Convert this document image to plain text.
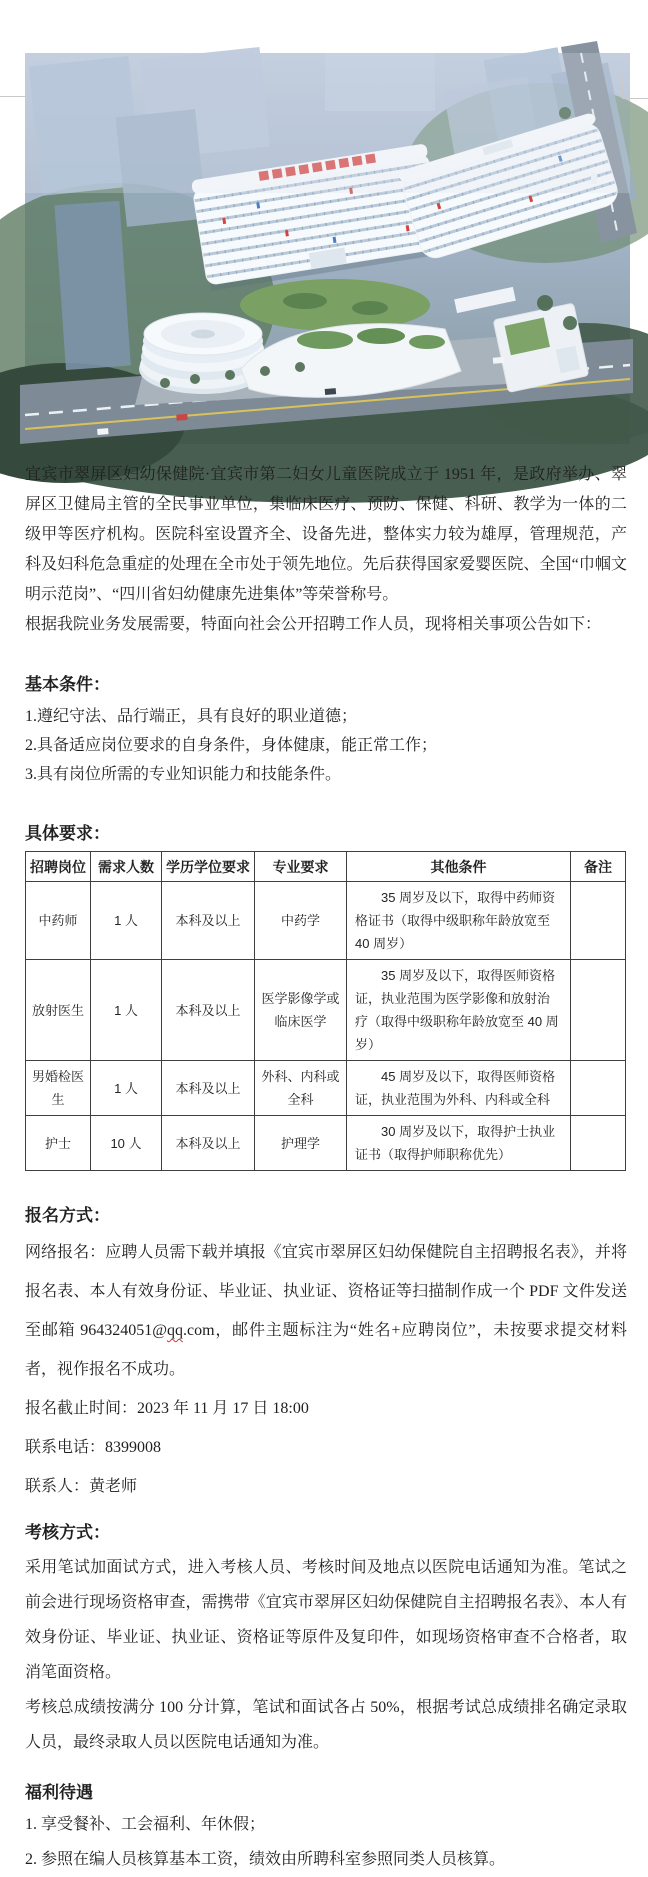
宜宾市翠屏区妇幼保健院·宜宾市第二妇女儿童医院成立于 1951 年，是政府举办、翠屏区卫健局主管的全民事业单位，集临床医疗、预防、保健、科研、教学为一体的二级甲等医疗机构。医院科室设置齐全、设备先进，整体实力较为雄厚，管理规范，产科及妇科危急重症的处理在全市处于领先地位。先后获得国家爱婴医院、全国“巾帼文明示范岗”、“四川省妇幼健康先进集体”等荣誉称号。

根据我院业务发展需要，特面向社会公开招聘工作人员，现将相关事项公告如下：

基本条件：

1.遵纪守法、品行端正，具有良好的职业道德；

2.具备适应岗位要求的自身条件，身体健康，能正常工作；

3.具有岗位所需的专业知识能力和技能条件。

具体要求：
招聘岗位	需求人数	学历学位要求	专业要求	其他条件	备注
中药师	1 人	本科及以上	中药学	35 周岁及以下，取得中药师资格证书（取得中级职称年龄放宽至 40 周岁）	
放射医生	1 人	本科及以上	医学影像学或临床医学	35 周岁及以下，取得医师资格证，执业范围为医学影像和放射治疗（取得中级职称年龄放宽至 40 周岁）	
男婚检医生	1 人	本科及以上	外科、内科或全科	45 周岁及以下，取得医师资格证，执业范围为外科、内科或全科	
护士	10 人	本科及以上	护理学	30 周岁及以下，取得护士执业证书（取得护师职称优先）	
报名方式：

网络报名：应聘人员需下载并填报《宜宾市翠屏区妇幼保健院自主招聘报名表》，并将报名表、本人有效身份证、毕业证、执业证、资格证等扫描制作成一个 PDF 文件发送至邮箱 964324051@qq.com，邮件主题标注为“姓名+应聘岗位”，未按要求提交材料者，视作报名不成功。

报名截止时间：2023 年 11 月 17 日 18:00

联系电话：8399008

联系人：黄老师

考核方式：

采用笔试加面试方式，进入考核人员、考核时间及地点以医院电话通知为准。笔试之前会进行现场资格审查，需携带《宜宾市翠屏区妇幼保健院自主招聘报名表》、本人有效身份证、毕业证、执业证、资格证等原件及复印件，如现场资格审查不合格者，取消笔面资格。

考核总成绩按满分 100 分计算，笔试和面试各占 50%，根据考试总成绩排名确定录取人员，最终录取人员以医院电话通知为准。

福利待遇

1. 享受餐补、工会福利、年休假；

2. 参照在编人员核算基本工资，绩效由所聘科室参照同类人员核算。
